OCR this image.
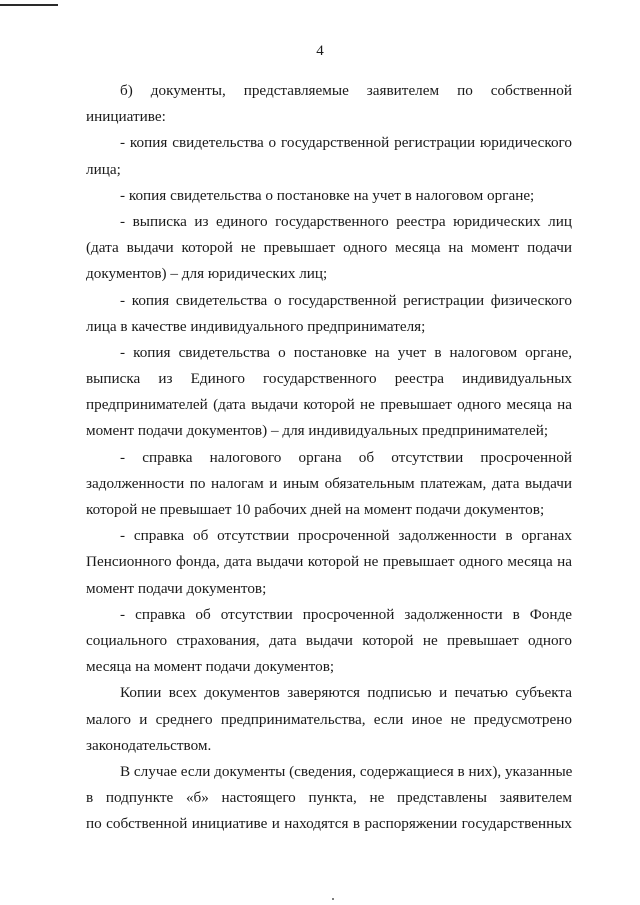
4
б) документы, представляемые заявителем по собственной
инициативе:
- копия свидетельства о государственной регистрации юридического
лица;
- копия свидетельства о постановке на учет в налоговом органе;
- выписка из единого государственного реестра юридических лиц
(дата выдачи которой не превышает одного месяца на момент подачи
документов) – для юридических лиц;
- копия свидетельства о государственной регистрации физического
лица в качестве индивидуального предпринимателя;
- копия свидетельства о постановке на учет в налоговом органе,
выписка из Единого государственного реестра индивидуальных
предпринимателей (дата выдачи которой не превышает одного месяца на
момент подачи документов) – для индивидуальных предпринимателей;
- справка налогового органа об отсутствии просроченной
задолженности по налогам и иным обязательным платежам, дата выдачи
которой не превышает 10 рабочих дней на момент подачи документов;
- справка об отсутствии просроченной задолженности в органах
Пенсионного фонда, дата выдачи которой не превышает одного месяца на
момент подачи документов;
- справка об отсутствии просроченной задолженности в Фонде
социального страхования, дата выдачи которой не превышает одного
месяца на момент подачи документов;
Копии всех документов заверяются подписью и печатью субъекта
малого и среднего предпринимательства, если иное не предусмотрено
законодательством.
В случае если документы (сведения, содержащиеся в них), указанные
в подпункте «б» настоящего пункта, не представлены заявителем
по собственной инициативе и находятся в распоряжении государственных
